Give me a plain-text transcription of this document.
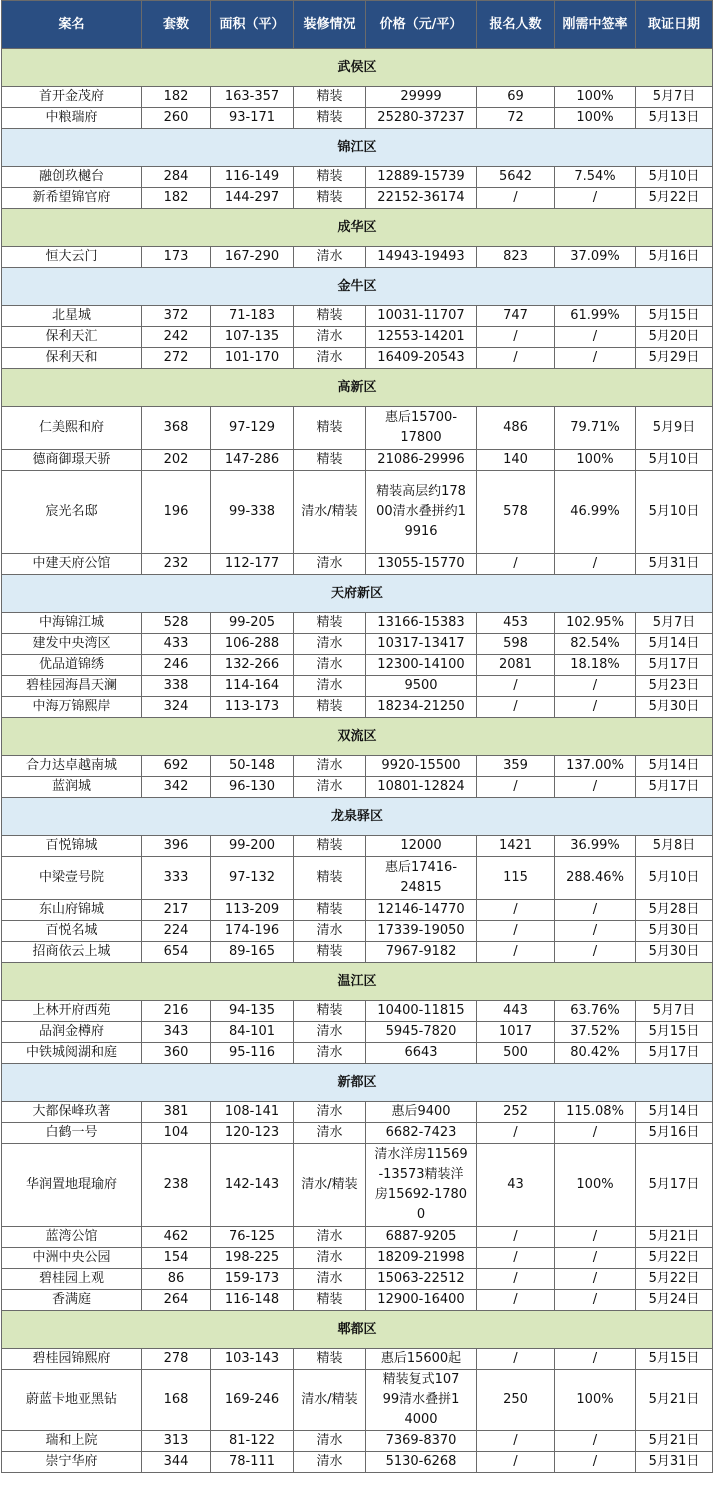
案名	套数	面积（平）	装修情况	价格（元/平）	报名人数	刚需中签率	取证日期
武侯区							
首开金茂府	182	163-357	精装	29999	69	100%	5月7日
中粮瑞府	260	93-171	精装	25280-37237	72	100%	5月13日
锦江区							
融创玖樾台	284	116-149	精装	12889-15739	5642	7.54%	5月10日
新希望锦官府	182	144-297	精装	22152-36174	/	/	5月22日
成华区							
恒大云门	173	167-290	清水	14943-19493	823	37.09%	5月16日
金牛区							
北星城	372	71-183	精装	10031-11707	747	61.99%	5月15日
保利天汇	242	107-135	清水	12553-14201	/	/	5月20日
保利天和	272	101-170	清水	16409-20543	/	/	5月29日
高新区							
仁美熙和府	368	97-129	精装	惠后15700-17800	486	79.71%	5月9日
德商御璟天骄	202	147-286	精装	21086-29996	140	100%	5月10日
宸光名邸	196	99-338	清水/精装	精装高层约17800清水叠拼约19916	578	46.99%	5月10日
中建天府公馆	232	112-177	清水	13055-15770	/	/	5月31日
天府新区							
中海锦江城	528	99-205	精装	13166-15383	453	102.95%	5月7日
建发中央湾区	433	106-288	清水	10317-13417	598	82.54%	5月14日
优品道锦绣	246	132-266	清水	12300-14100	2081	18.18%	5月17日
碧桂园海昌天澜	338	114-164	清水	9500	/	/	5月23日
中海万锦熙岸	324	113-173	精装	18234-21250	/	/	5月30日
双流区							
合力达卓越南城	692	50-148	清水	9920-15500	359	137.00%	5月14日
蓝润城	342	96-130	清水	10801-12824	/	/	5月17日
龙泉驿区							
百悦锦城	396	99-200	精装	12000	1421	36.99%	5月8日
中梁壹号院	333	97-132	精装	惠后17416-24815	115	288.46%	5月10日
东山府锦城	217	113-209	精装	12146-14770	/	/	5月28日
百悦名城	224	174-196	清水	17339-19050	/	/	5月30日
招商依云上城	654	89-165	精装	7967-9182	/	/	5月30日
温江区							
上林开府西苑	216	94-135	精装	10400-11815	443	63.76%	5月7日
品润金樽府	343	84-101	清水	5945-7820	1017	37.52%	5月15日
中铁城阅湖和庭	360	95-116	清水	6643	500	80.42%	5月17日
新都区							
大都保峰玖著	381	108-141	清水	惠后9400	252	115.08%	5月14日
白鹤一号	104	120-123	清水	6682-7423	/	/	5月16日
华润置地琨瑜府	238	142-143	清水/精装	清水洋房11569-13573精装洋房15692-17800	43	100%	5月17日
蓝湾公馆	462	76-125	清水	6887-9205	/	/	5月21日
中洲中央公园	154	198-225	清水	18209-21998	/	/	5月22日
碧桂园上观	86	159-173	清水	15063-22512	/	/	5月22日
香满庭	264	116-148	精装	12900-16400	/	/	5月24日
郫都区							
碧桂园锦熙府	278	103-143	精装	惠后15600起	/	/	5月15日
蔚蓝卡地亚黑钻	168	169-246	清水/精装	精装复式10799清水叠拼14000	250	100%	5月21日
瑞和上院	313	81-122	清水	7369-8370	/	/	5月21日
崇宁华府	344	78-111	清水	5130-6268	/	/	5月31日
